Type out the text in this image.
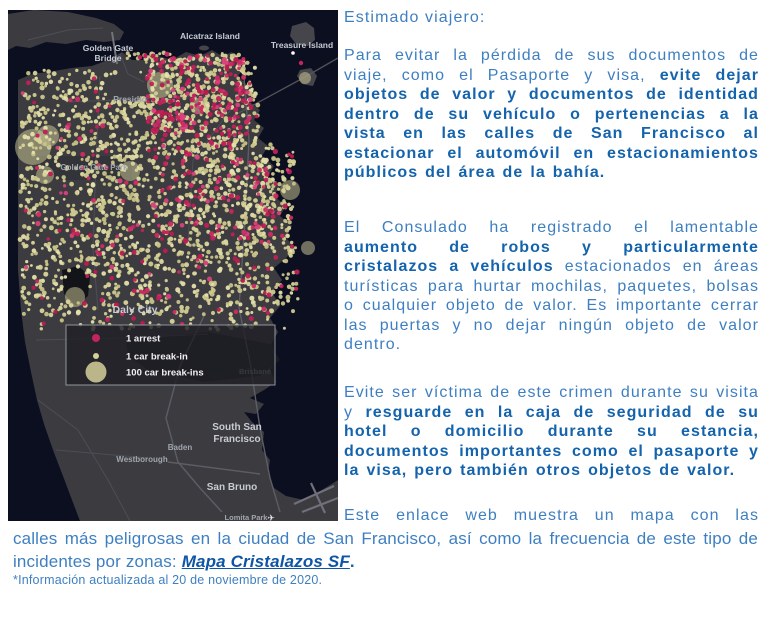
Alcatraz Island
Treasure Island
Golden Gate
Bridge
Presidio
Golden Gate Park
Daly City
South San
Francisco
Baden
Westborough
San Bruno
Lomita Park ✈
1 arrest
1 car break-in
100 car break-ins
Estimado viajero:
Para evitar la pérdida de sus documentos de viaje, como el Pasaporte y visa, evite dejar objetos de valor y documentos de identidad dentro de su vehículo o pertenencias a la vista en las calles de San Francisco al estacionar el automóvil en estacionamientos públicos del área de la bahía.
El Consulado ha registrado el lamentable aumento de robos y particularmente cristalazos a vehículos estacionados en áreas turísticas para hurtar mochilas, paquetes, bolsas o cualquier objeto de valor. Es importante cerrar las puertas y no dejar ningún objeto de valor dentro.
Evite ser víctima de este crimen durante su visita y resguarde en la caja de seguridad de su hotel o domicilio durante su estancia, documentos importantes como el pasaporte y la visa, pero también otros objetos de valor.
Este enlace web muestra un mapa con las
calles más peligrosas en la ciudad de San Francisco, así como la frecuencia de este tipo de incidentes por zonas: Mapa Cristalazos SF.
*Información actualizada al 20 de noviembre de 2020.
